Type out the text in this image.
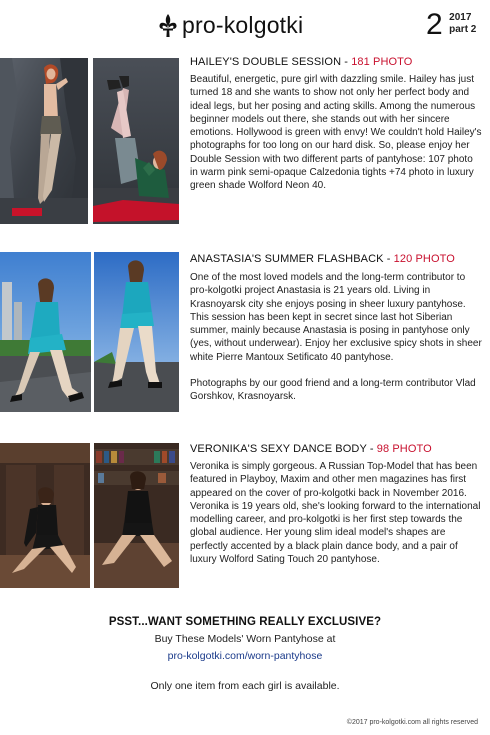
pro-kolgotki	2 2017
part 2
HAILEY'S DOUBLE SESSION - 181 PHOTO

Beautiful, energetic, pure girl with dazzling smile. Hailey has just turned 18 and she wants to show not only her perfect body and ideal legs, but her posing and acting skills. Among the numerous beginner models out there, she stands out with her sincere emotions. Hollywood is green with envy! We couldn't hold Hailey's photographs for too long on our hard disk. So, please enjoy her Double Session with two different parts of pantyhose: 107 photo in warm pink semi-opaque Calzedonia tights +74 photo in luxury green shade Wolford Neon 40.

ANASTASIA'S SUMMER FLASHBACK - 120 PHOTO

One of the most loved models and the long-term contributor to pro-kolgotki project Anastasia is 21 years old. Living in Krasnoyarsk city she enjoys posing in sheer luxury pantyhose. This session has been kept in secret since last hot Siberian summer, mainly because Anastasia is posing in pantyhose only (yes, without underwear). Enjoy her exclusive spicy shots in sheer white Pierre Mantoux Setificato 40 pantyhose.

Photographs by our good friend and a long-term contributor Vlad Gorshkov, Krasnoyarsk.

VERONIKA'S SEXY DANCE BODY - 98 PHOTO

Veronika is simply gorgeous. A Russian Top-Model that has been featured in Playboy, Maxim and other men magazines has first appeared on the cover of pro-kolgotki back in November 2016.

Veronika is 19 years old, she's looking forward to the international modelling career, and pro-kolgotki is her first step towards the global audience. Her young slim ideal model's shapes are perfectly accented by a black plain dance body, and a pair of luxury Wolford Sating Touch 20 pantyhose.

PSST...WANT SOMETHING REALLY EXCLUSIVE?
Buy These Models' Worn Pantyhose at
pro-kolgotki.com/worn-pantyhose
Only one item from each girl is available.
©2017 pro-kolgotki.com all rights reserved
